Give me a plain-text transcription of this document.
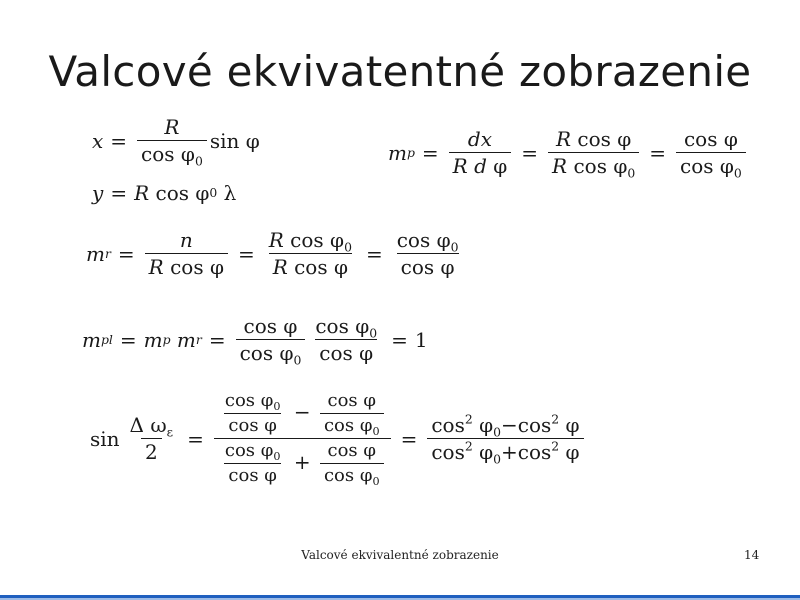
Valcové ekvivatentné zobrazenie
$x = \frac{R}{\cos \varphi_0}$ sin
φ
y = R
cos
φ 0
λ
m $p = \frac{dx}{\text{R d φ}} = \frac{\text{R cos φ}}{R \cos \varphi_0} = \frac{\text{cos φ}}{\cos \varphi_0}$
m $r = \frac{n}{\text{R cos φ}} = \frac{R \cos \varphi_0}{\text{R cos φ}} = \frac{\cos \varphi_0}{\text{cos φ}}$
m pl = m p
m $r = \frac{\text{cos φ}}{\cos \varphi_0} \frac{\cos \varphi_0}{\text{cos φ}} = 1$
$\sin \frac{\Delta \omega_\varepsilon}{2}$ =
$\frac{\cos \varphi_0}{\text{cos φ}} - \frac{\text{cos φ}}{\cos \varphi_0}$
$\frac{\cos \varphi_0}{\text{cos φ}} + \frac{\text{cos φ}}{\cos \varphi_0}$
= $\frac{\cos^2 \varphi_0-\cos^2 \varphi}{\cos^2 \varphi_0+\cos^2 \varphi}$
Valcové ekvivalentné zobrazenie	14
